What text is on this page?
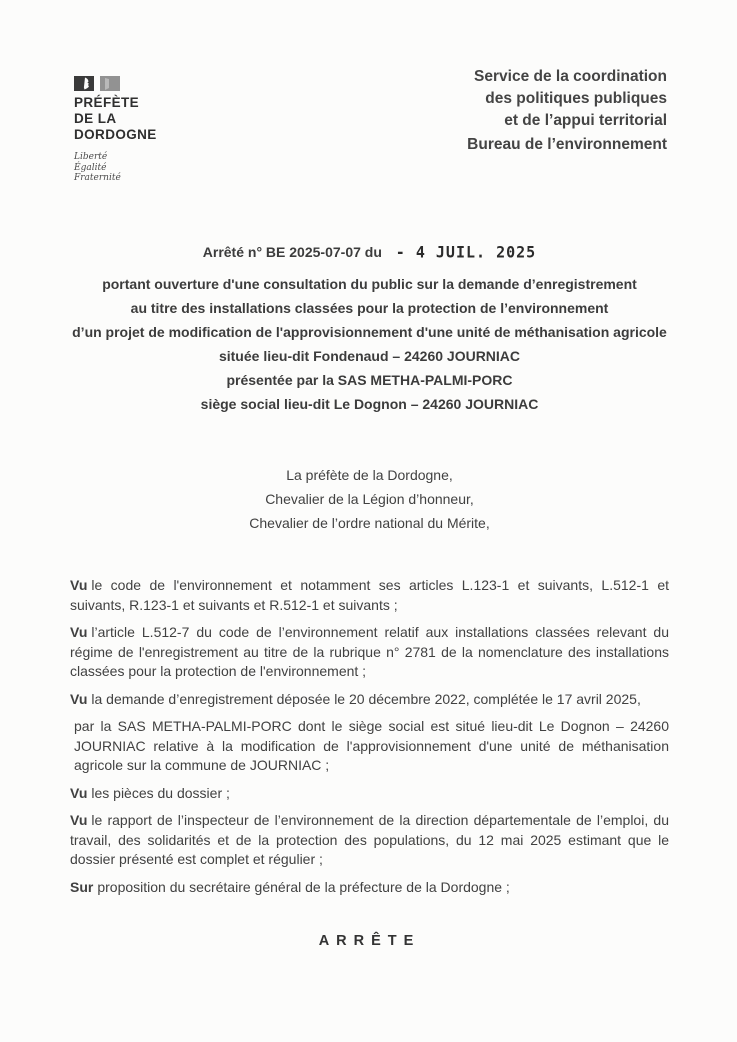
PRÉFÈTE
DE LA
DORDOGNE
Liberté
Égalité
Fraternité
Service de la coordination
des politiques publiques
et de l’appui territorial
Bureau de l’environnement
Arrêté n° BE 2025-07-07 du - 4 JUIL. 2025
portant ouverture d'une consultation du public sur la demande d’enregistrement
au titre des installations classées pour la protection de l’environnement
d’un projet de modification de l'approvisionnement d'une unité de méthanisation agricole
située lieu-dit Fondenaud – 24260 JOURNIAC
présentée par la SAS METHA-PALMI-PORC
siège social lieu-dit Le Dognon – 24260 JOURNIAC
La préfète de la Dordogne,
Chevalier de la Légion d’honneur,
Chevalier de l’ordre national du Mérite,

Vu le code de l'environnement et notamment ses articles L.123-1 et suivants, L.512-1 et suivants, R.123-1 et suivants et R.512-1 et suivants ;

Vu l’article L.512-7 du code de l’environnement relatif aux installations classées relevant du régime de l'enregistrement au titre de la rubrique n° 2781 de la nomenclature des installations classées pour la protection de l'environnement ;

Vu la demande d’enregistrement déposée le 20 décembre 2022, complétée le 17 avril 2025,

par la SAS METHA-PALMI-PORC dont le siège social est situé lieu-dit Le Dognon – 24260 JOURNIAC relative à la modification de l'approvisionnement d'une unité de méthanisation agricole sur la commune de JOURNIAC ;

Vu les pièces du dossier ;

Vu le rapport de l’inspecteur de l’environnement de la direction départementale de l’emploi, du travail, des solidarités et de la protection des populations, du 12 mai 2025 estimant que le dossier présenté est complet et régulier ;

Sur proposition du secrétaire général de la préfecture de la Dordogne ;

ARRÊTE
